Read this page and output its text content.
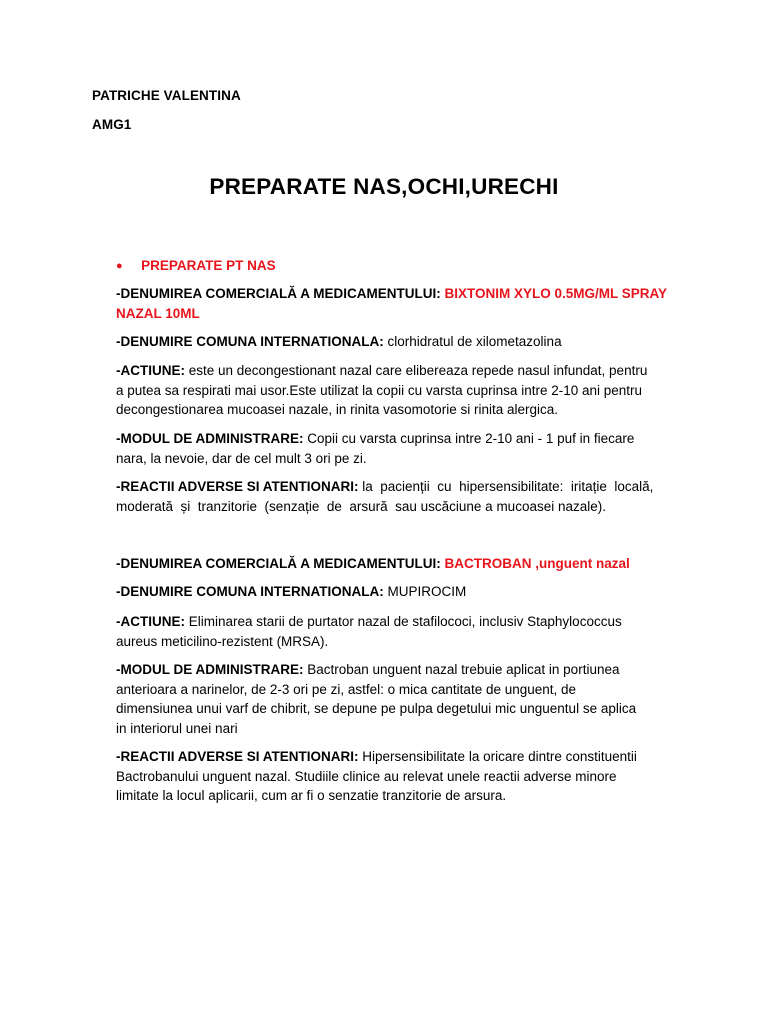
PATRICHE VALENTINA
AMG1
PREPARATE NAS,OCHI,URECHI
● PREPARATE PT NAS
-DENUMIREA COMERCIALĂ A MEDICAMENTULUI: BIXTONIM XYLO 0.5MG/ML SPRAY
NAZAL 10ML
-DENUMIRE COMUNA INTERNATIONALA: clorhidratul de xilometazolina
-ACTIUNE: este un decongestionant nazal care elibereaza repede nasul infundat, pentru
a putea sa respirati mai usor.Este utilizat la copii cu varsta cuprinsa intre 2-10 ani pentru
decongestionarea mucoasei nazale, in rinita vasomotorie si rinita alergica.
-MODUL DE ADMINISTRARE: Copii cu varsta cuprinsa intre 2-10 ani - 1 puf in fiecare
nara, la nevoie, dar de cel mult 3 ori pe zi.
-REACTII ADVERSE SI ATENTIONARI: la  pacienții  cu  hipersensibilitate:  iritație  locală,
moderată  și  tranzitorie  (senzație  de  arsură  sau uscăciune a mucoasei nazale).
-DENUMIREA COMERCIALĂ A MEDICAMENTULUI: BACTROBAN ,unguent nazal
-DENUMIRE COMUNA INTERNATIONALA: MUPIROCIM
-ACTIUNE: Eliminarea starii de purtator nazal de stafilococi, inclusiv Staphylococcus
aureus meticilino-rezistent (MRSA).
-MODUL DE ADMINISTRARE: Bactroban unguent nazal trebuie aplicat in portiunea
anterioara a narinelor, de 2-3 ori pe zi, astfel: o mica cantitate de unguent, de
dimensiunea unui varf de chibrit, se depune pe pulpa degetului mic unguentul se aplica
in interiorul unei nari
-REACTII ADVERSE SI ATENTIONARI: Hipersensibilitate la oricare dintre constituentii
Bactrobanului unguent nazal. Studiile clinice au relevat unele reactii adverse minore
limitate la locul aplicarii, cum ar fi o senzatie tranzitorie de arsura.
